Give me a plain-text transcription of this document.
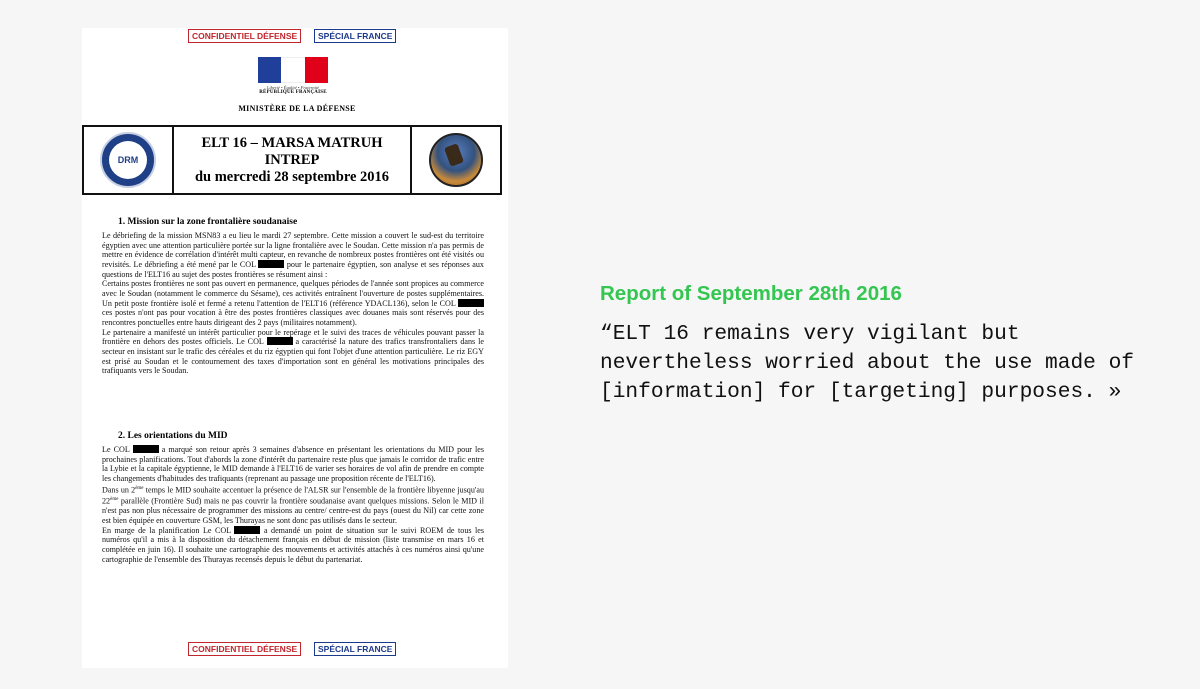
CONFIDENTIEL DÉFENSE	SPÉCIAL FRANCE
Liberté • Égalité • Fraternité
RÉPUBLIQUE FRANÇAISE
MINISTÈRE DE LA DÉFENSE
DRM
ELT 16 – MARSA MATRUH
INTREP
du mercredi 28 septembre 2016
1. Mission sur la zone frontalière soudanaise

Le débriefing de la mission MSN83 a eu lieu le mardi 27 septembre. Cette mission a couvert le sud-est du territoire égyptien avec une attention particulière portée sur la ligne frontalière avec le Soudan. Cette mission n'a pas permis de mettre en évidence de corrélation d'intérêt multi capteur, en revanche de nombreux postes frontières ont été visités ou revisités. Le débriefing a été mené par le COL	pour le partenaire égyptien, son analyse et ses réponses aux questions de l'ELT16 au sujet des postes frontières se résument ainsi :

Certains postes frontières ne sont pas ouvert en permanence, quelques périodes de l'année sont propices au commerce avec le Soudan (notamment le commerce du Sésame), ces activités entraînent l'ouverture de postes supplémentaires. Un petit poste frontière isolé et fermé a retenu l'attention de l'ELT16 (référence YDACL136), selon le COL  ces postes n'ont pas pour vocation à être des postes frontières classiques avec douanes mais sont réservés pour des rencontres ponctuelles entre hauts dirigeant des 2 pays (militaires notamment).

Le partenaire a manifesté un intérêt particulier pour le repérage et le suivi des traces de véhicules pouvant passer la frontière en dehors des postes officiels. Le COL	a caractérisé la nature des trafics transfrontaliers dans le secteur en insistant sur le trafic des céréales et du riz égyptien qui font l'objet d'une attention particulière. Le riz EGY est prisé au Soudan et le contournement des taxes d'importation sont en général les motivations principales des trafiquants vers le Soudan.

2. Les orientations du MID

Le COL	a marqué son retour après 3 semaines d'absence en présentant les orientations du MID pour les prochaines planifications. Tout d'abords la zone d'intérêt du partenaire reste plus que jamais le corridor de trafic entre la Lybie et la capitale égyptienne, le MID demande à l'ELT16 de varier ses horaires de vol afin de prendre en compte les changements d'habitudes des trafiquants (reprenant au passage une proposition récente de l'ELT16).

Dans un 2ème temps le MID souhaite accentuer la présence de l'ALSR sur l'ensemble de la frontière libyenne jusqu'au 22ème parallèle (Frontière Sud) mais ne pas couvrir la frontière soudanaise avant quelques missions. Selon le MID il n'est pas non plus nécessaire de programmer des missions au centre/ centre-est du pays (ouest du Nil) car cette zone est bien équipée en couverture GSM, les Thurayas ne sont donc pas utilisés dans le secteur.

En marge de la planification Le COL	a demandé un point de situation sur le suivi ROEM de tous les numéros qu'il a mis à la disposition du détachement français en début de mission (liste transmise en mars 16 et complétée en juin 16). Il souhaite une cartographie des mouvements et activités attachés à ces numéros ainsi qu'une cartographie de l'ensemble des Thurayas recensés depuis le début du partenariat.

CONFIDENTIEL DÉFENSE	SPÉCIAL FRANCE

Report of September 28th 2016

“ELT 16 remains very vigilant but nevertheless worried about the use made of [information] for [targeting] purposes. »
